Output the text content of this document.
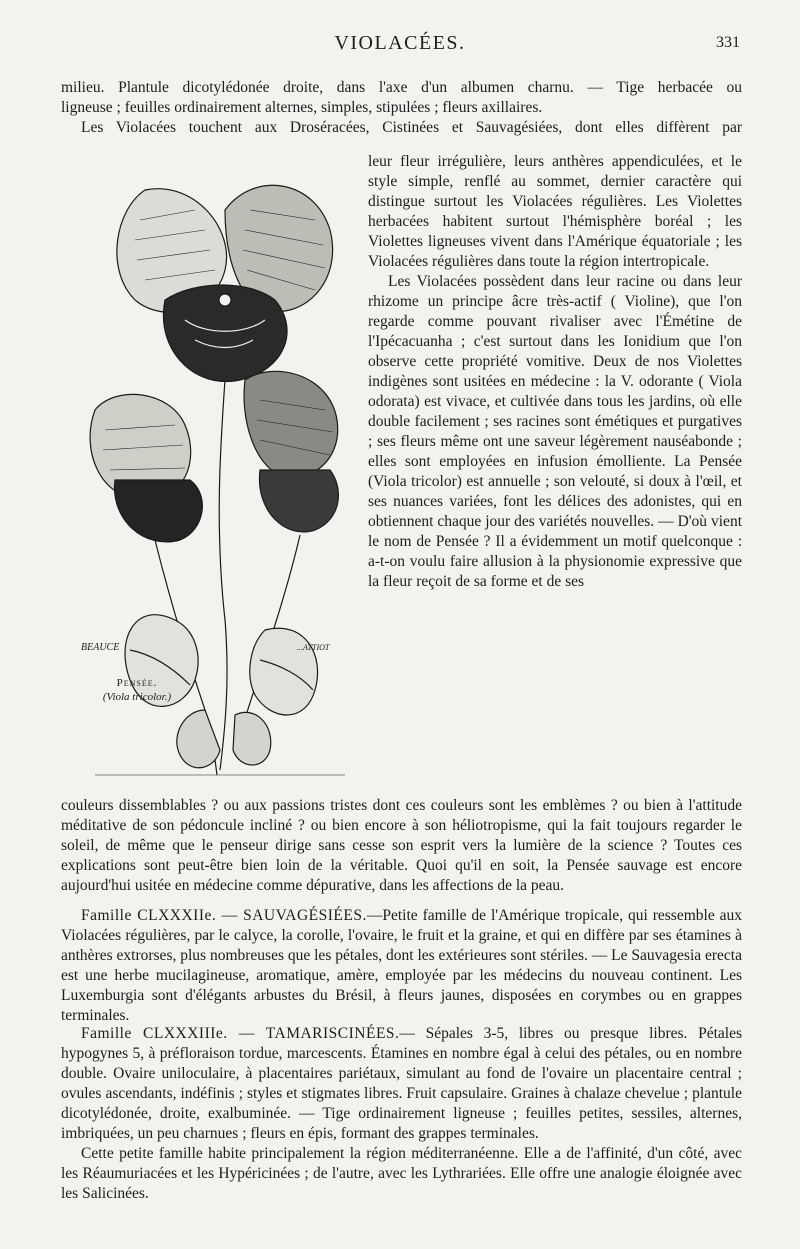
VIOLACÉES.	331

milieu. Plantule dicotylédonée droite, dans l'axe d'un albumen charnu. — Tige herbacée ou

ligneuse ; feuilles ordinairement alternes, simples, stipulées ; fleurs axillaires.

Les Violacées touchent aux Droséracées, Cistinées et Sauvagésiées, dont elles diffèrent par

BEAUCE	...ATTIOT
Pensée.
(Viola tricolor.)

leur fleur irrégulière, leurs anthères appendiculées, et le style simple, renflé au sommet, dernier caractère qui distingue surtout les Violacées régulières. Les Violettes herbacées habitent surtout l'hémisphère boréal ; les Violettes ligneuses vivent dans l'Amérique équatoriale ; les Violacées régulières dans toute la région intertropicale.

Les Violacées possèdent dans leur racine ou dans leur rhizome un principe âcre très-actif ( Violine), que l'on regarde comme pouvant rivaliser avec l'Émétine de l'Ipécacuanha ; c'est surtout dans les Ionidium que l'on observe cette propriété vomitive. Deux de nos Violettes indigènes sont usitées en médecine : la V. odorante ( Viola odorata) est vivace, et cultivée dans tous les jardins, où elle double facilement ; ses racines sont émétiques et purgatives ; ses fleurs même ont une saveur légèrement nauséabonde ; elles sont employées en infusion émolliente. La Pensée (Viola tricolor) est annuelle ; son velouté, si doux à l'œil, et ses nuances variées, font les délices des adonistes, qui en obtiennent chaque jour des variétés nouvelles. — D'où vient le nom de Pensée ? Il a évidemment un motif quelconque : a-t-on voulu faire allusion à la physionomie expressive que la fleur reçoit de sa forme et de ses

couleurs dissemblables ? ou aux passions tristes dont ces couleurs sont les emblèmes ? ou bien à l'attitude méditative de son pédoncule incliné ? ou bien encore à son héliotropisme, qui la fait toujours regarder le soleil, de même que le penseur dirige sans cesse son esprit vers la lumière de la science ? Toutes ces explications sont peut-être bien loin de la véritable. Quoi qu'il en soit, la Pensée sauvage est encore aujourd'hui usitée en médecine comme dépurative, dans les affections de la peau.

Famille CLXXXIIe. — SAUVAGÉSIÉES.—Petite famille de l'Amérique tropicale, qui ressemble aux Violacées régulières, par le calyce, la corolle, l'ovaire, le fruit et la graine, et qui en diffère par ses étamines à anthères extrorses, plus nombreuses que les pétales, dont les extérieures sont stériles. — Le Sauvagesia erecta est une herbe mucilagineuse, aromatique, amère, employée par les médecins du nouveau continent. Les Luxemburgia sont d'élégants arbustes du Brésil, à fleurs jaunes, disposées en corymbes ou en grappes terminales.

Famille CLXXXIIIe. — TAMARISCINÉES.— Sépales 3-5, libres ou presque libres. Pétales hypogynes 5, à préfloraison tordue, marcescents. Étamines en nombre égal à celui des pétales, ou en nombre double. Ovaire uniloculaire, à placentaires pariétaux, simulant au fond de l'ovaire un placentaire central ; ovules ascendants, indéfinis ; styles et stigmates libres. Fruit capsulaire. Graines à chalaze chevelue ; plantule dicotylédonée, droite, exalbuminée. — Tige ordinairement ligneuse ; feuilles petites, sessiles, alternes, imbriquées, un peu charnues ; fleurs en épis, formant des grappes terminales.

Cette petite famille habite principalement la région méditerranéenne. Elle a de l'affinité, d'un côté, avec les Réaumuriacées et les Hypéricinées ; de l'autre, avec les Lythrariées. Elle offre une analogie éloignée avec les Salicinées.
